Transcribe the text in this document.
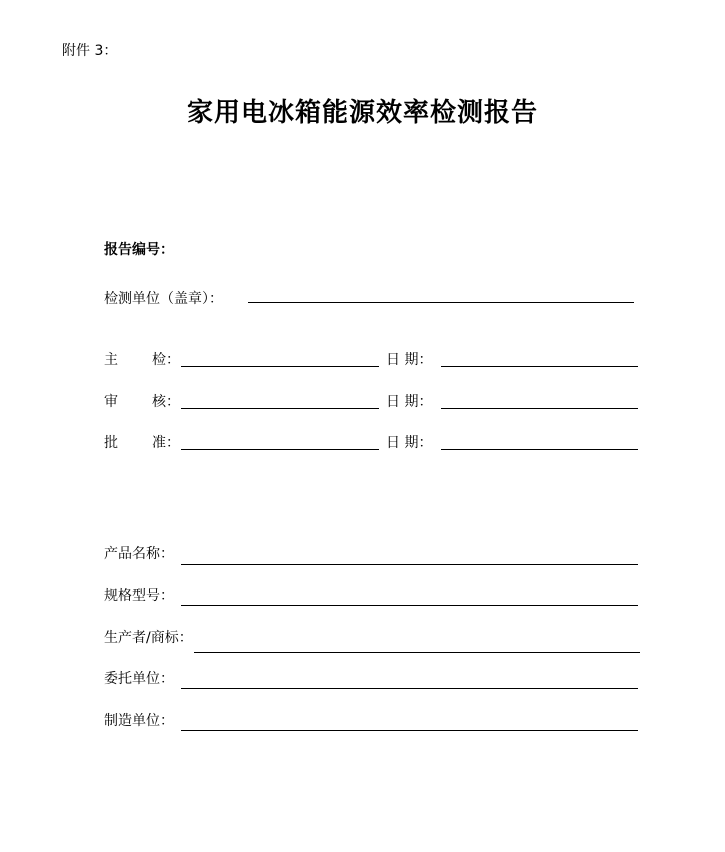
附件 3：
家用电冰箱能源效率检测报告
报告编号：
检测单位（盖章）：
主 检：	日 期：
审 核：	日 期：
批 准：	日 期：
产品名称：
规格型号：
生产者/商标：
委托单位：
制造单位：
